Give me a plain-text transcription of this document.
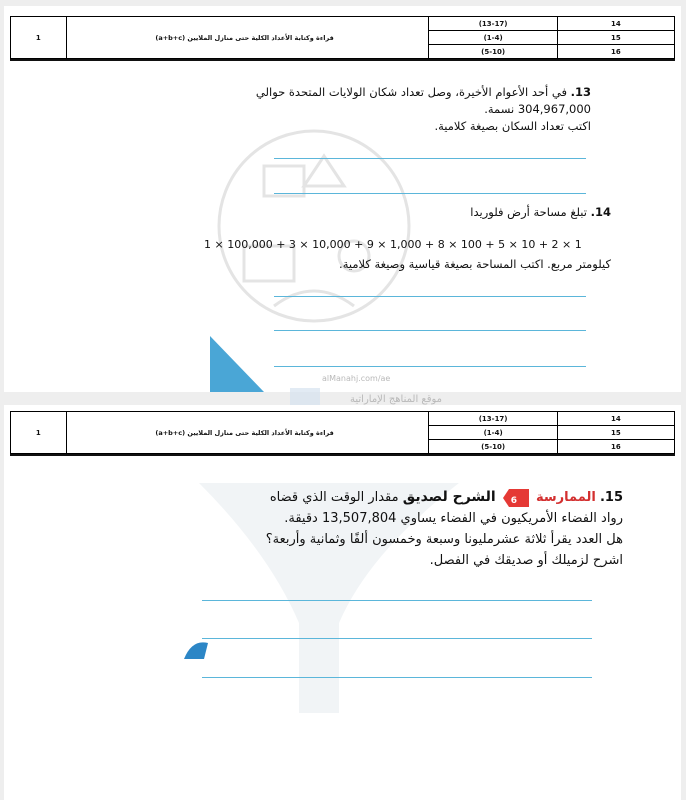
1	قراءة وكتابة الأعداد الكلية حتى منازل الملايين (a+b+c)	(13-17)	14
		(1-4)	15
		(5-10)	16
13. في أحد الأعوام الأخيرة، وصل تعداد شكان الولايات المتحدة حوالي
304,967,000 نسمة.
اكتب تعداد السكان بصيغة كلامية.
14. تبلغ مساحة أرض فلوريدا
1 × 100,000 + 3 × 10,000 + 9 × 1,000 + 8 × 100 + 5 × 10 + 2 × 1
كيلومتر مربع. اكتب المساحة بصيغة قياسية وصيغة كلامية.
alManahj.com/ae
موقع المناهج الإماراتية
1	قراءة وكتابة الأعداد الكلية حتى منازل الملايين (a+b+c)	(13-17)	14
		(1-4)	15
		(5-10)	16
15. الممارسة
6
الشرح لصديق مقدار الوقت الذي قضاه
رواد الفضاء الأمريكيون في الفضاء يساوي 13,507,804 دقيقة.
هل العدد يقرأ ثلاثة عشرمليونا وسبعة وخمسون ألفًا وثمانية وأربعة؟
اشرح لزميلك أو صديقك في الفصل.
